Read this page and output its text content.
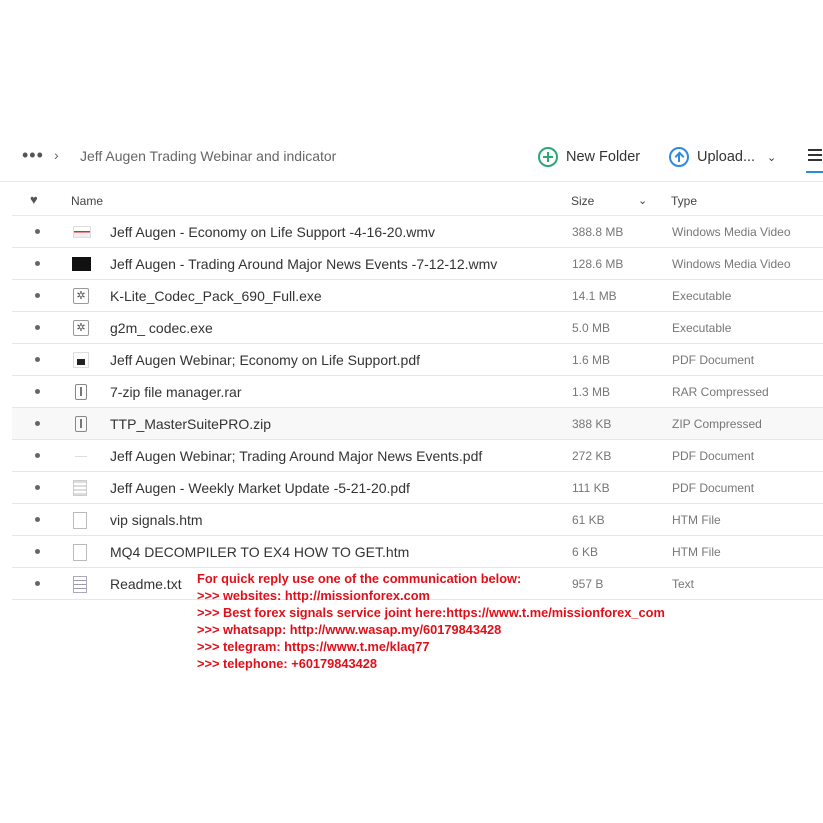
••• › Jeff Augen Trading Webinar and indicator	New Folder	Upload... ⌄
♥	Name	Size	⌄ Type
Jeff Augen - Economy on Life Support -4-16-20.wmv	388.8 MB	Windows Media Video
Jeff Augen - Trading Around Major News Events -7-12-12.wmv	128.6 MB	Windows Media Video
✲ K-Lite_Codec_Pack_690_Full.exe	14.1 MB	Executable
✲ g2m_ codec.exe	5.0 MB	Executable
Jeff Augen Webinar; Economy on Life Support.pdf	1.6 MB	PDF Document
7-zip file manager.rar	1.3 MB	RAR Compressed
TTP_MasterSuitePRO.zip	388 KB	ZIP Compressed
Jeff Augen Webinar; Trading Around Major News Events.pdf	272 KB	PDF Document
Jeff Augen - Weekly Market Update -5-21-20.pdf	111 KB	PDF Document
vip signals.htm	61 KB	HTM File
MQ4 DECOMPILER TO EX4 HOW TO GET.htm	6 KB	HTM File
Readme.txt	957 B	Text
For quick reply use one of the communication below:
>>> websites: http://missionforex.com
>>> Best forex signals service joint here:https://www.t.me/missionforex_com
>>> whatsapp: http://www.wasap.my/60179843428
>>> telegram: https://www.t.me/klaq77
>>> telephone: +60179843428
